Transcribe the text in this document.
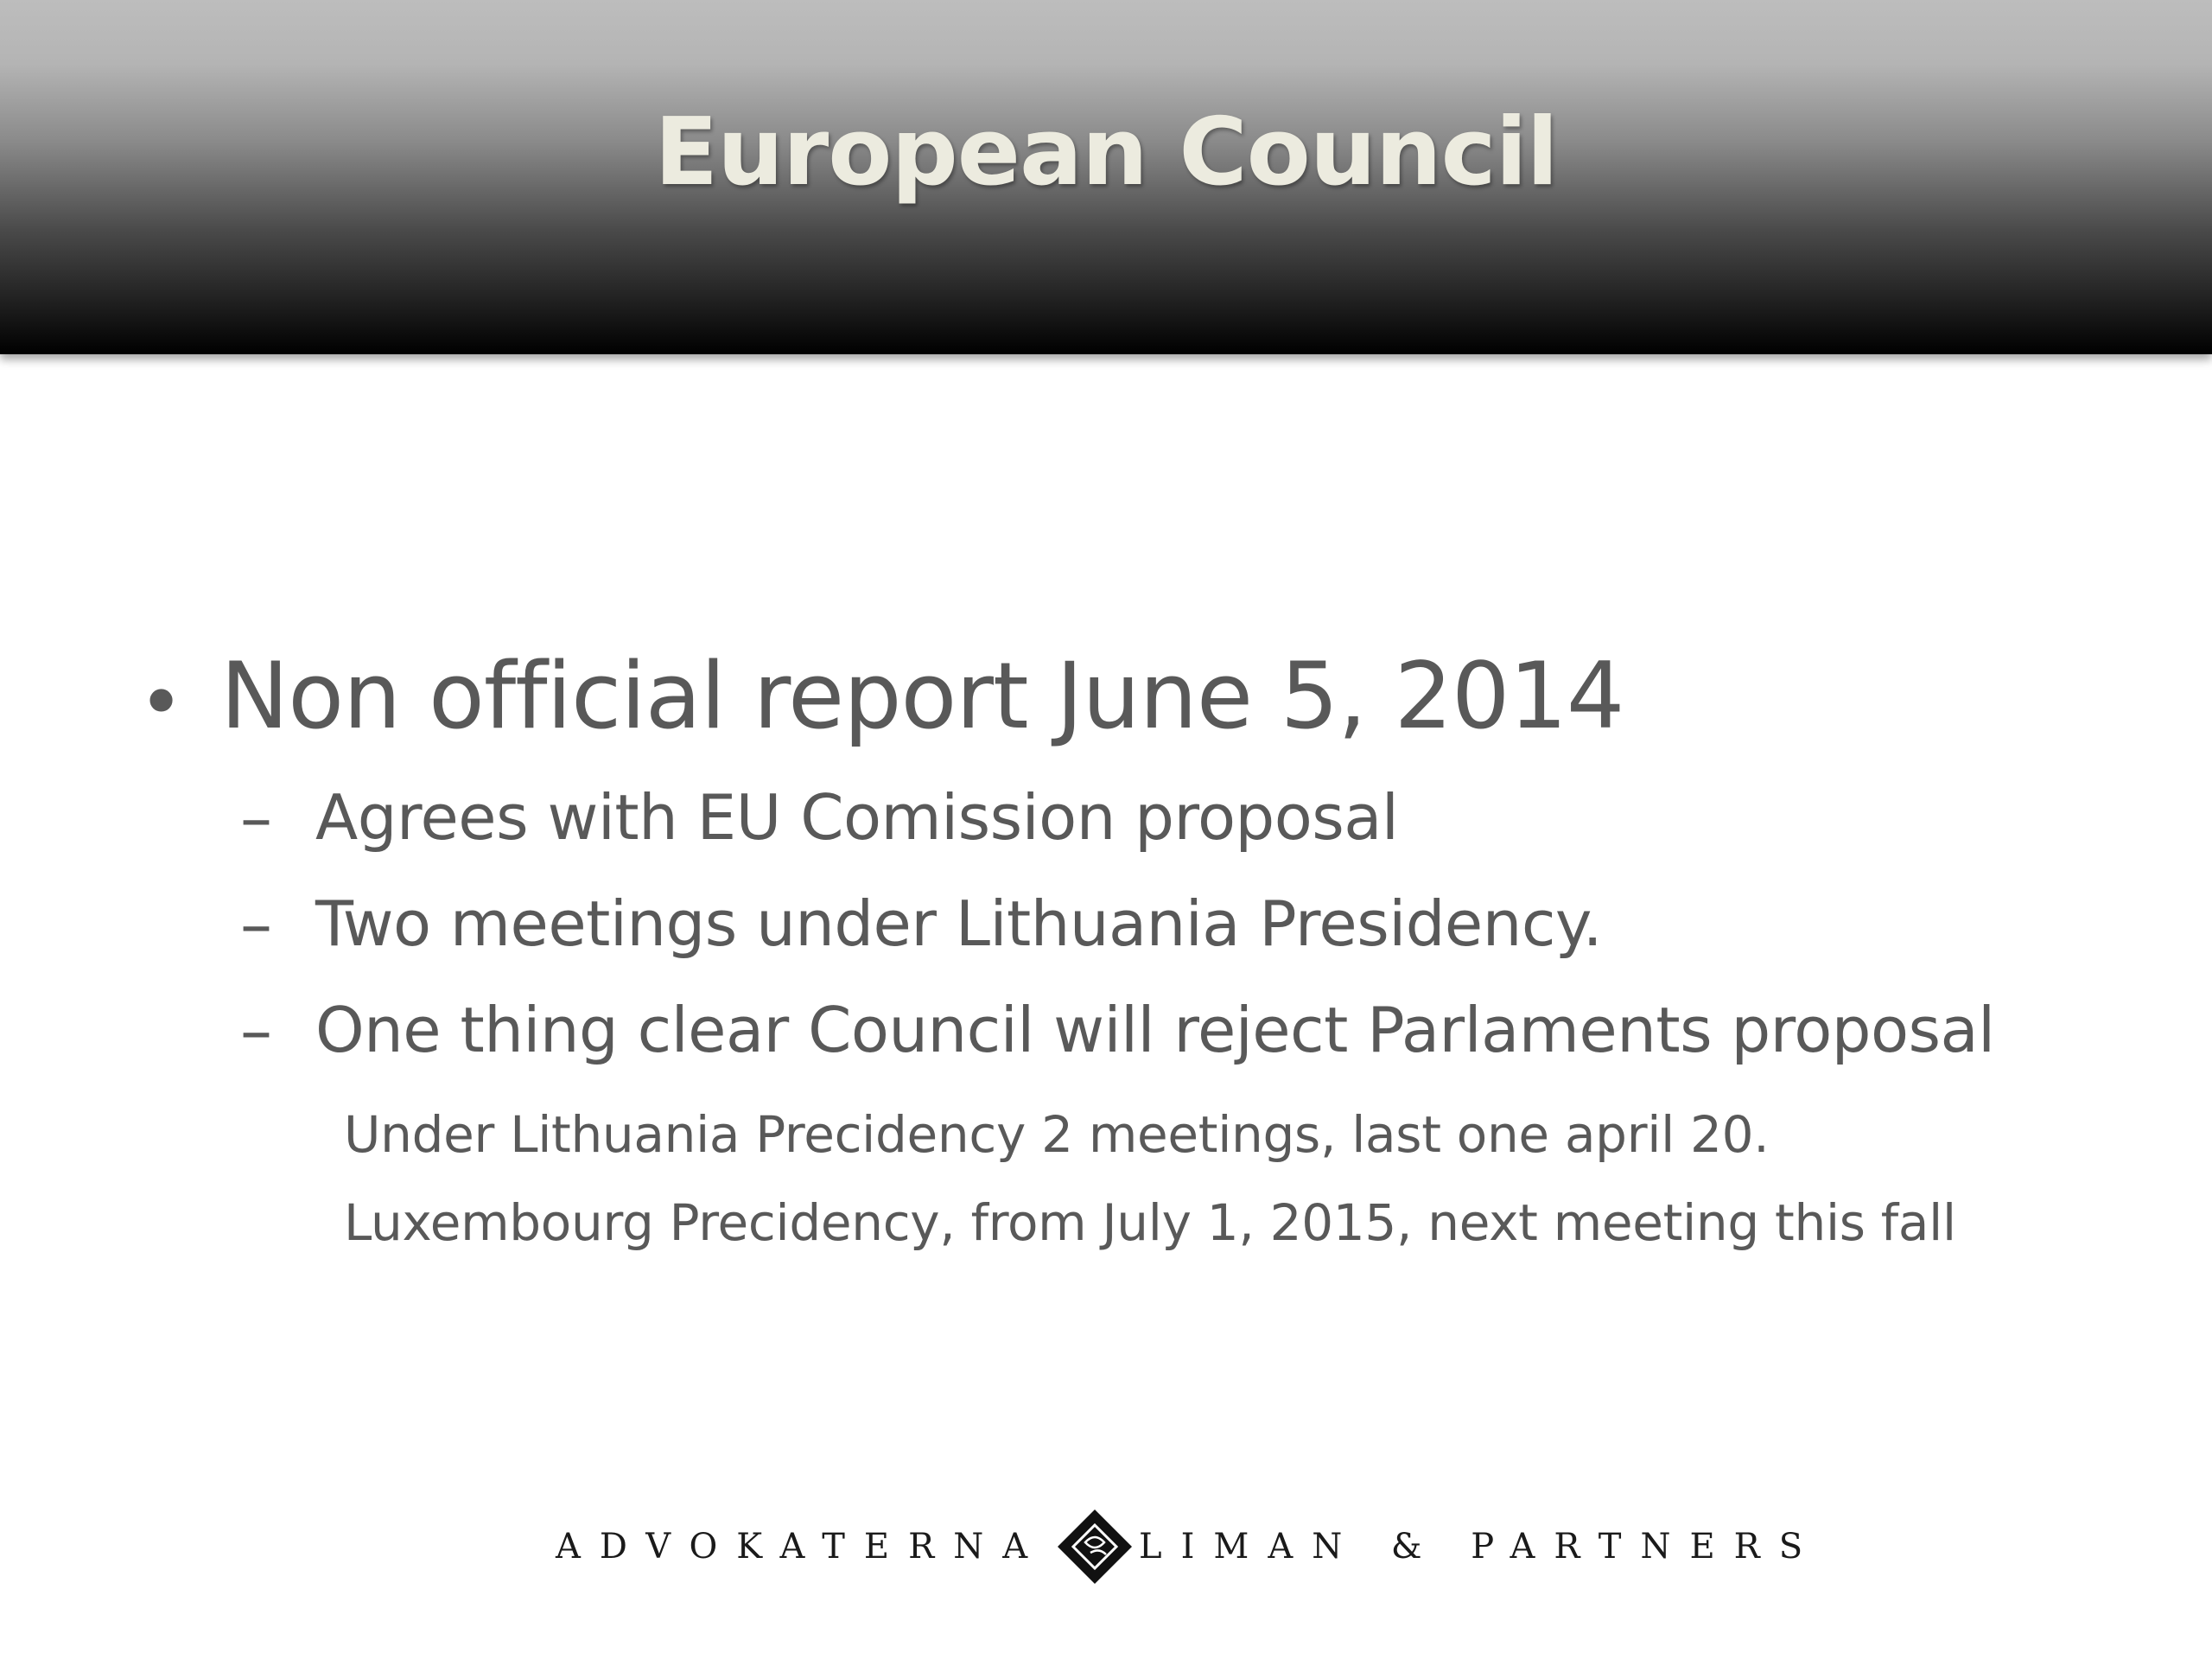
European Council
• Non official report June 5, 2014
– Agrees with EU Comission proposal
– Two meetings under Lithuania Presidency.
– One thing clear Council will reject Parlaments proposal
Under Lithuania Precidency 2 meetings, last one april 20.
Luxembourg Precidency, from July 1, 2015, next meeting this fall
ADVOKATERNA	LIMAN & PARTNERS
